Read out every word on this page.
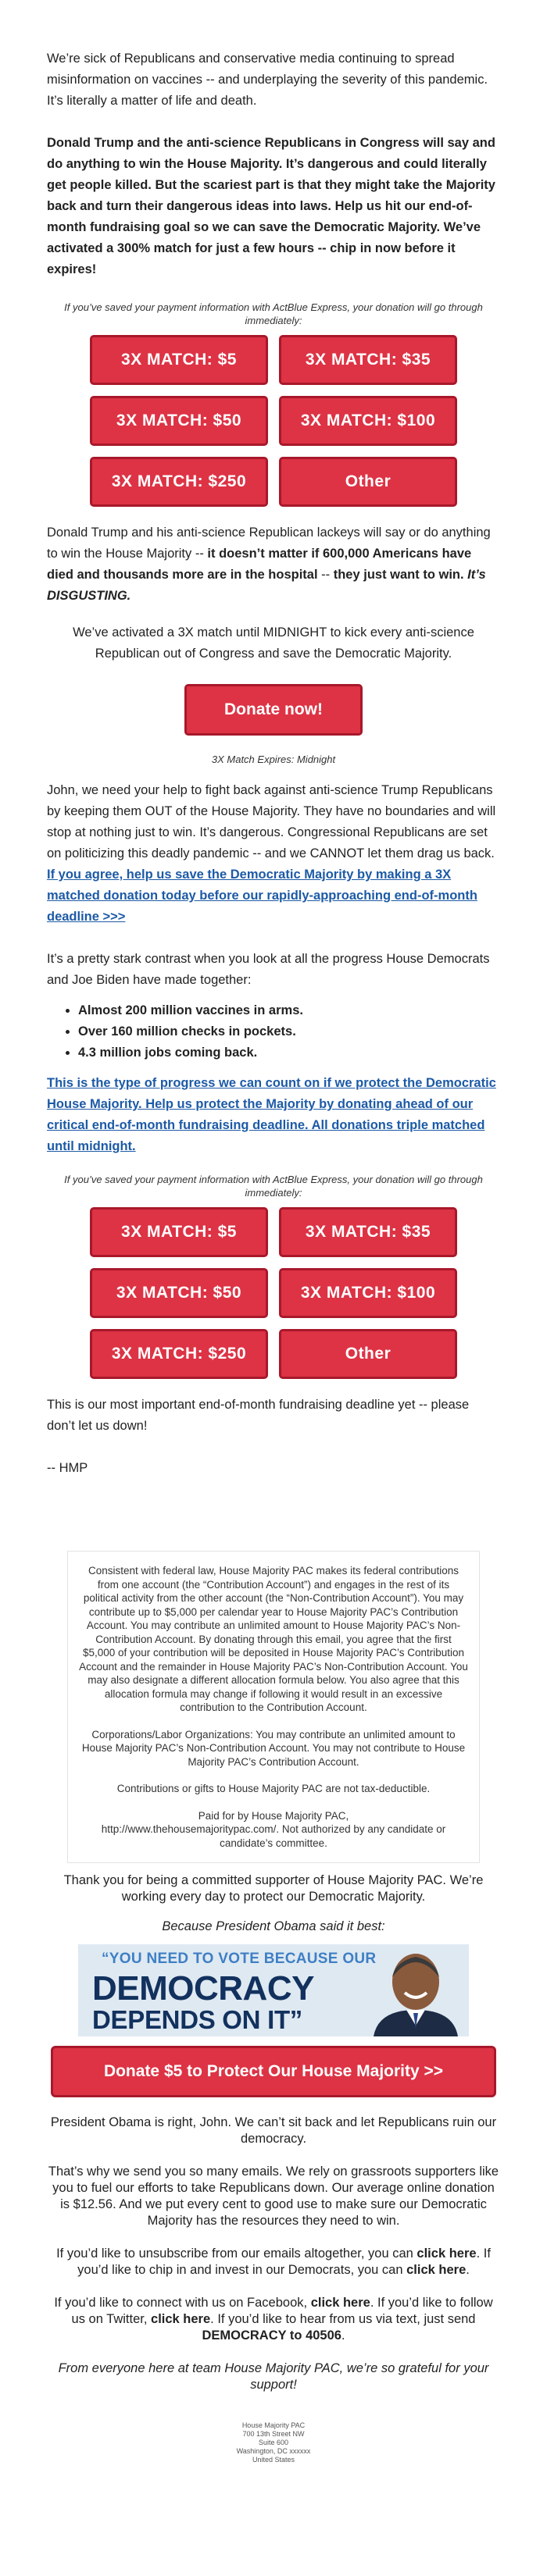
We’re sick of Republicans and conservative media continuing to spread misinformation on vaccines -- and underplaying the severity of this pandemic. It’s literally a matter of life and death.

Donald Trump and the anti-science Republicans in Congress will say and do anything to win the House Majority. It’s dangerous and could literally get people killed. But the scariest part is that they might take the Majority back and turn their dangerous ideas into laws. Help us hit our end-of-month fundraising goal so we can save the Democratic Majority. We’ve activated a 300% match for just a few hours -- chip in now before it expires!

If you’ve saved your payment information with ActBlue Express, your donation will go through immediately:

3X MATCH: $5	3X MATCH: $35
3X MATCH: $50	3X MATCH: $100
3X MATCH: $250	Other

Donald Trump and his anti-science Republican lackeys will say or do anything to win the House Majority -- it doesn’t matter if 600,000 Americans have died and thousands more are in the hospital -- they just want to win. It’s DISGUSTING.

We’ve activated a 3X match until MIDNIGHT to kick every anti-science Republican out of Congress and save the Democratic Majority.

Donate now!

3X Match Expires: Midnight

John, we need your help to fight back against anti-science Trump Republicans by keeping them OUT of the House Majority. They have no boundaries and will stop at nothing just to win. It’s dangerous. Congressional Republicans are set on politicizing this deadly pandemic -- and we CANNOT let them drag us back. If you agree, help us save the Democratic Majority by making a 3X matched donation today before our rapidly-approaching end-of-month deadline >>>

It’s a pretty stark contrast when you look at all the progress House Democrats and Joe Biden have made together:

• Almost 200 million vaccines in arms.
• Over 160 million checks in pockets.
• 4.3 million jobs coming back.

This is the type of progress we can count on if we protect the Democratic House Majority. Help us protect the Majority by donating ahead of our critical end-of-month fundraising deadline. All donations triple matched until midnight.

If you’ve saved your payment information with ActBlue Express, your donation will go through immediately:

3X MATCH: $5	3X MATCH: $35
3X MATCH: $50	3X MATCH: $100
3X MATCH: $250	Other

This is our most important end-of-month fundraising deadline yet -- please don’t let us down!

-- HMP

Consistent with federal law, House Majority PAC makes its federal contributions from one account (the “Contribution Account”) and engages in the rest of its political activity from the other account (the “Non-Contribution Account”). You may contribute up to $5,000 per calendar year to House Majority PAC’s Contribution Account. You may contribute an unlimited amount to House Majority PAC’s Non-Contribution Account. By donating through this email, you agree that the first $5,000 of your contribution will be deposited in House Majority PAC’s Contribution Account and the remainder in House Majority PAC’s Non-Contribution Account. You may also designate a different allocation formula below. You also agree that this allocation formula may change if following it would result in an excessive contribution to the Contribution Account.

Corporations/Labor Organizations: You may contribute an unlimited amount to House Majority PAC’s Non-Contribution Account. You may not contribute to House Majority PAC’s Contribution Account.

Contributions or gifts to House Majority PAC are not tax-deductible.

Paid for by House Majority PAC,

http://www.thehousemajoritypac.com/. Not authorized by any candidate or candidate’s committee.

Thank you for being a committed supporter of House Majority PAC. We’re working every day to protect our Democratic Majority.

Because President Obama said it best:

“YOU NEED TO VOTE BECAUSE OUR
DEMOCRACY
DEPENDS ON IT”
Donate $5 to Protect Our House Majority >>

President Obama is right, John. We can’t sit back and let Republicans ruin our democracy.

That’s why we send you so many emails. We rely on grassroots supporters like you to fuel our efforts to take Republicans down. Our average online donation is $12.56. And we put every cent to good use to make sure our Democratic Majority has the resources they need to win.

If you’d like to unsubscribe from our emails altogether, you can click here. If you’d like to chip in and invest in our Democrats, you can click here.

If you’d like to connect with us on Facebook, click here. If you’d like to follow us on Twitter, click here. If you’d like to hear from us via text, just send DEMOCRACY to 40506.

From everyone here at team House Majority PAC, we’re so grateful for your support!

House Majority PAC

700 13th Street NW

Suite 600

Washington, DC xxxxxx

United States
